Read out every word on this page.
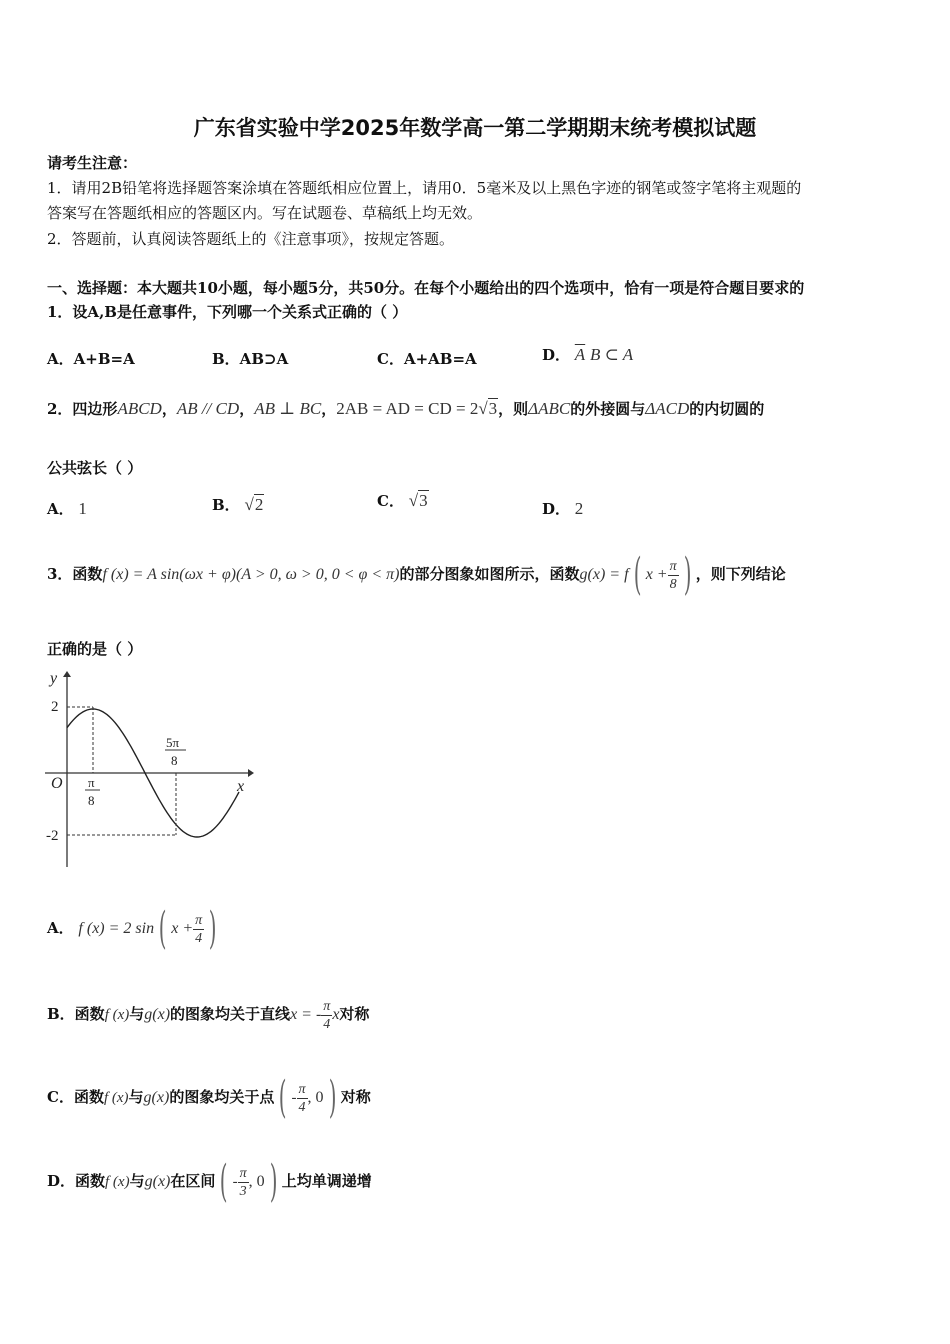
广东省实验中学2025年数学高一第二学期期末统考模拟试题
请考生注意：
1．请用2B铅笔将选择题答案涂填在答题纸相应位置上，请用0．5毫米及以上黑色字迹的钢笔或签字笔将主观题的
答案写在答题纸相应的答题区内。写在试题卷、草稿纸上均无效。
2．答题前，认真阅读答题纸上的《注意事项》，按规定答题。
一、选择题：本大题共10小题，每小题5分，共50分。在每个小题给出的四个选项中，恰有一项是符合题目要求的
1．设A,B是任意事件，下列哪一个关系式正确的（ ）
A．A+B=A	B．AB⊃A	C．A+AB=A	D． $\overline{A}$ B ⊂ A
2．四边形ABCD，AB // CD，AB ⊥ BC，2AB = AD = CD = 2√3，则ΔABC的外接圆与ΔACD的内切圆的
公共弦长（ ）
A． 1	B． √2	C． √3	D． 2
3．函数f (x) = A sin(ωx + φ)(A > 0, ω > 0, 0 < φ < π)的部分图象如图所示，函数g(x) = f ( $x + \frac{\pi}{8}$ ) ，则下列结论
正确的是（ ）
y
x
O
2
-2
π
8
5π
8
A． f (x) = 2 sin ( $x + \frac{\pi}{4}$ )
B．函数f (x)与g(x)的图象均关于直线x = - $\frac{\pi}{4}$ x对称
C．函数f (x)与g(x)的图象均关于点 ( - $\frac{\pi}{4}$ , 0 ) 对称
D．函数f (x)与g(x)在区间 ( - $\frac{\pi}{3}$ , 0 ) 上均单调递增
